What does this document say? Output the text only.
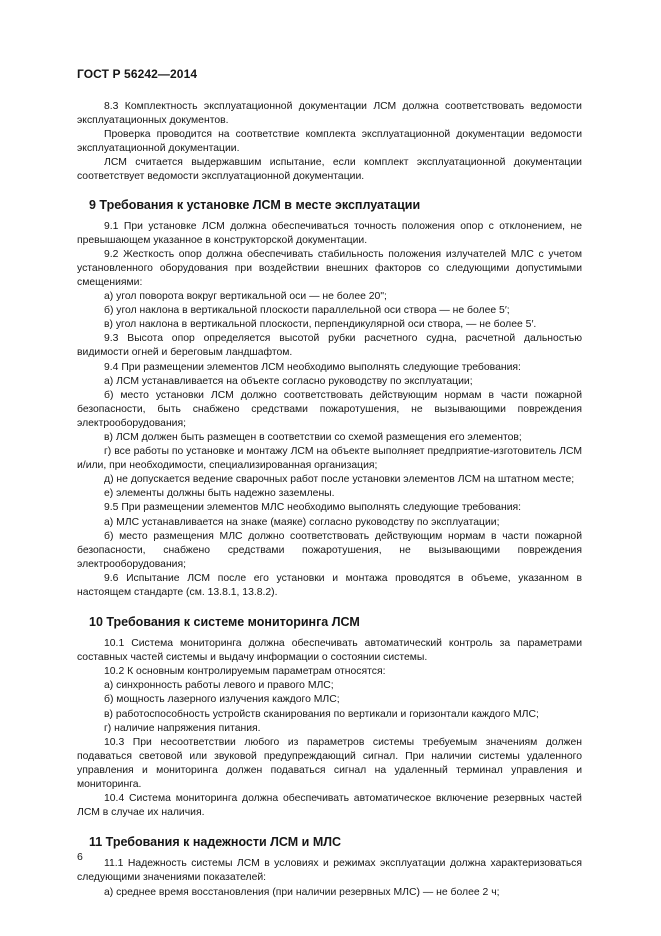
ГОСТ Р 56242—2014

8.3 Комплектность эксплуатационной документации ЛСМ должна соответствовать ведомости эксплуатационных документов.

Проверка проводится на соответствие комплекта эксплуатационной документации ведомости эксплуатационной документации.

ЛСМ считается выдержавшим испытание, если комплект эксплуатационной документации соответствует ведомости эксплуатационной документации.

9 Требования к установке ЛСМ в месте эксплуатации

9.1 При установке ЛСМ должна обеспечиваться точность положения опор с отклонением, не превышающем указанное в конструкторской документации.

9.2 Жесткость опор должна обеспечивать стабильность положения излучателей МЛС с учетом установленного оборудования при воздействии внешних факторов со следующими допустимыми смещениями:

а) угол поворота вокруг вертикальной оси — не более 20";

б) угол наклона в вертикальной плоскости параллельной оси створа — не более 5′;

в) угол наклона в вертикальной плоскости, перпендикулярной оси створа, — не более 5′.

9.3 Высота опор определяется высотой рубки расчетного судна, расчетной дальностью видимости огней и береговым ландшафтом.

9.4 При размещении элементов ЛСМ необходимо выполнять следующие требования:

а) ЛСМ устанавливается на объекте согласно руководству по эксплуатации;

б) место установки ЛСМ должно соответствовать действующим нормам в части пожарной безопасности, быть снабжено средствами пожаротушения, не вызывающими повреждения электрооборудования;

в) ЛСМ должен быть размещен в соответствии со схемой размещения его элементов;

г) все работы по установке и монтажу ЛСМ на объекте выполняет предприятие-изготовитель ЛСМ и/или, при необходимости, специализированная организация;

д) не допускается ведение сварочных работ после установки элементов ЛСМ на штатном месте;

е) элементы должны быть надежно заземлены.

9.5 При размещении элементов МЛС необходимо выполнять следующие требования:

а) МЛС устанавливается на знаке (маяке) согласно руководству по эксплуатации;

б) место размещения МЛС должно соответствовать действующим нормам в части пожарной безопасности, снабжено средствами пожаротушения, не вызывающими повреждения электрооборудования;

9.6 Испытание ЛСМ после его установки и монтажа проводятся в объеме, указанном в настоящем стандарте (см. 13.8.1, 13.8.2).

10 Требования к системе мониторинга ЛСМ

10.1 Система мониторинга должна обеспечивать автоматический контроль за параметрами составных частей системы и выдачу информации о состоянии системы.

10.2 К основным контролируемым параметрам относятся:

а) синхронность работы левого и правого МЛС;

б) мощность лазерного излучения каждого МЛС;

в) работоспособность устройств сканирования по вертикали и горизонтали каждого МЛС;

г) наличие напряжения питания.

10.3 При несоответствии любого из параметров системы требуемым значениям должен подаваться световой или звуковой предупреждающий сигнал. При наличии системы удаленного управления и мониторинга должен подаваться сигнал на удаленный терминал управления и мониторинга.

10.4 Система мониторинга должна обеспечивать автоматическое включение резервных частей ЛСМ в случае их наличия.

11 Требования к надежности ЛСМ и МЛС

11.1 Надежность системы ЛСМ в условиях и режимах эксплуатации должна характеризоваться следующими значениями показателей:

а) среднее время восстановления (при наличии резервных МЛС) — не более 2 ч;

6
